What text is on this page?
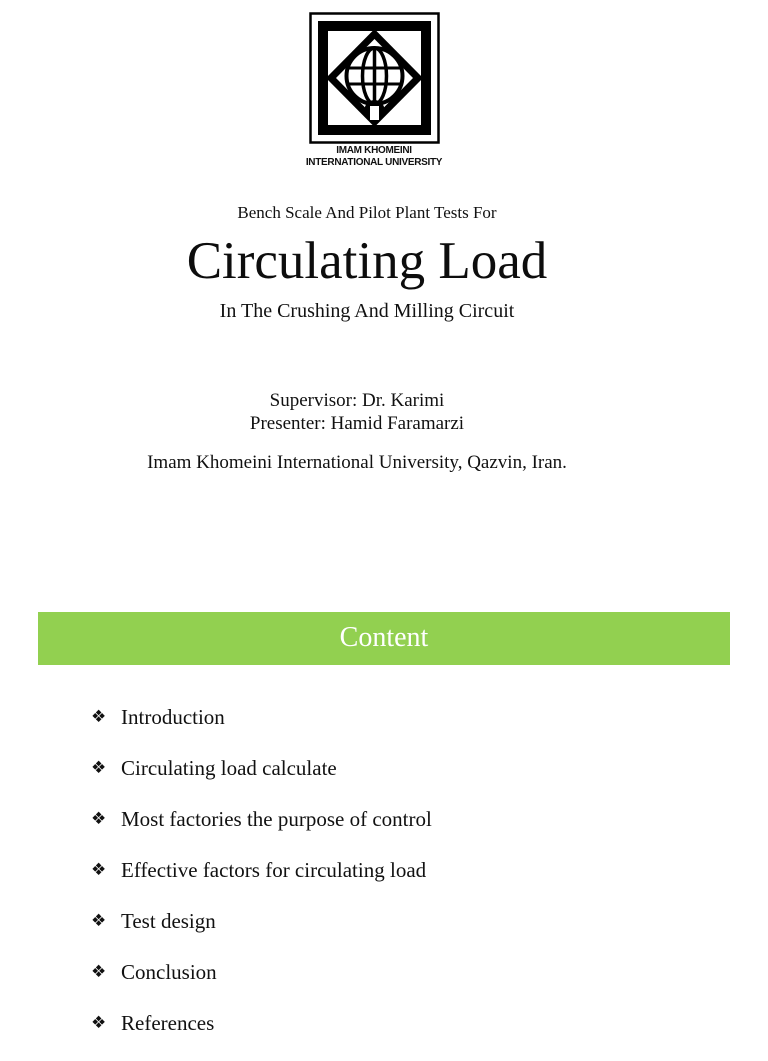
IMAM KHOMEINI
INTERNATIONAL UNIVERSITY
Bench Scale And Pilot Plant Tests For
Circulating Load
In The Crushing And Milling Circuit
Supervisor: Dr. Karimi
Presenter: Hamid Faramarzi
Imam Khomeini International University, Qazvin, Iran.
Content
❖ Introduction
❖ Circulating load calculate
❖ Most factories the purpose of control
❖ Effective factors for circulating load
❖ Test design
❖ Conclusion
❖ References
